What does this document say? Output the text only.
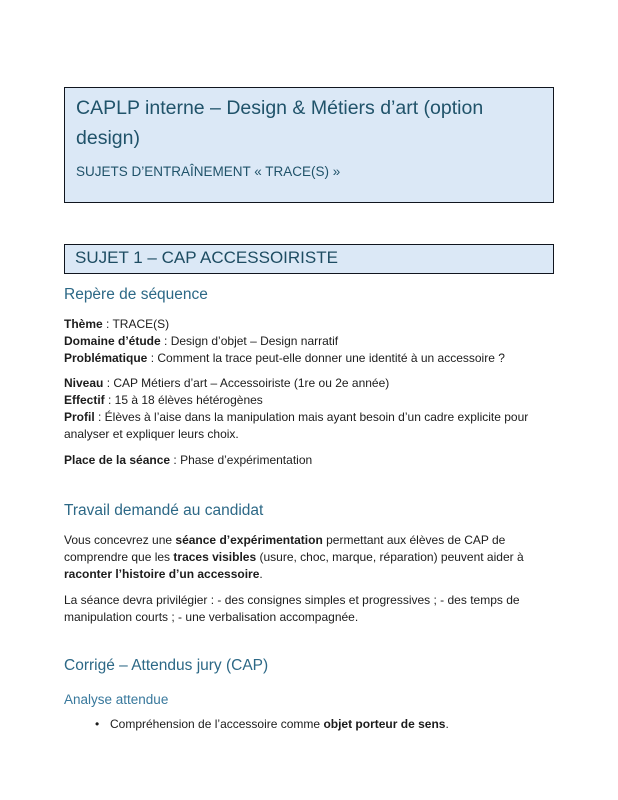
CAPLP interne – Design & Métiers d’art (option design)
SUJETS D’ENTRAÎNEMENT « TRACE(S) »
SUJET 1 – CAP ACCESSOIRISTE
Repère de séquence

Thème : TRACE(S)
Domaine d’étude : Design d’objet – Design narratif
Problématique : Comment la trace peut-elle donner une identité à un accessoire ?

Niveau : CAP Métiers d’art – Accessoiriste (1re ou 2e année)
Effectif : 15 à 18 élèves hétérogènes
Profil : Élèves à l’aise dans la manipulation mais ayant besoin d’un cadre explicite pour analyser et expliquer leurs choix.

Place de la séance : Phase d’expérimentation

Travail demandé au candidat

Vous concevrez une séance d’expérimentation permettant aux élèves de CAP de comprendre que les traces visibles (usure, choc, marque, réparation) peuvent aider à raconter l’histoire d’un accessoire.

La séance devra privilégier : - des consignes simples et progressives ; - des temps de manipulation courts ; - une verbalisation accompagnée.

Corrigé – Attendus jury (CAP)
Analyse attendue
• Compréhension de l’accessoire comme objet porteur de sens.
